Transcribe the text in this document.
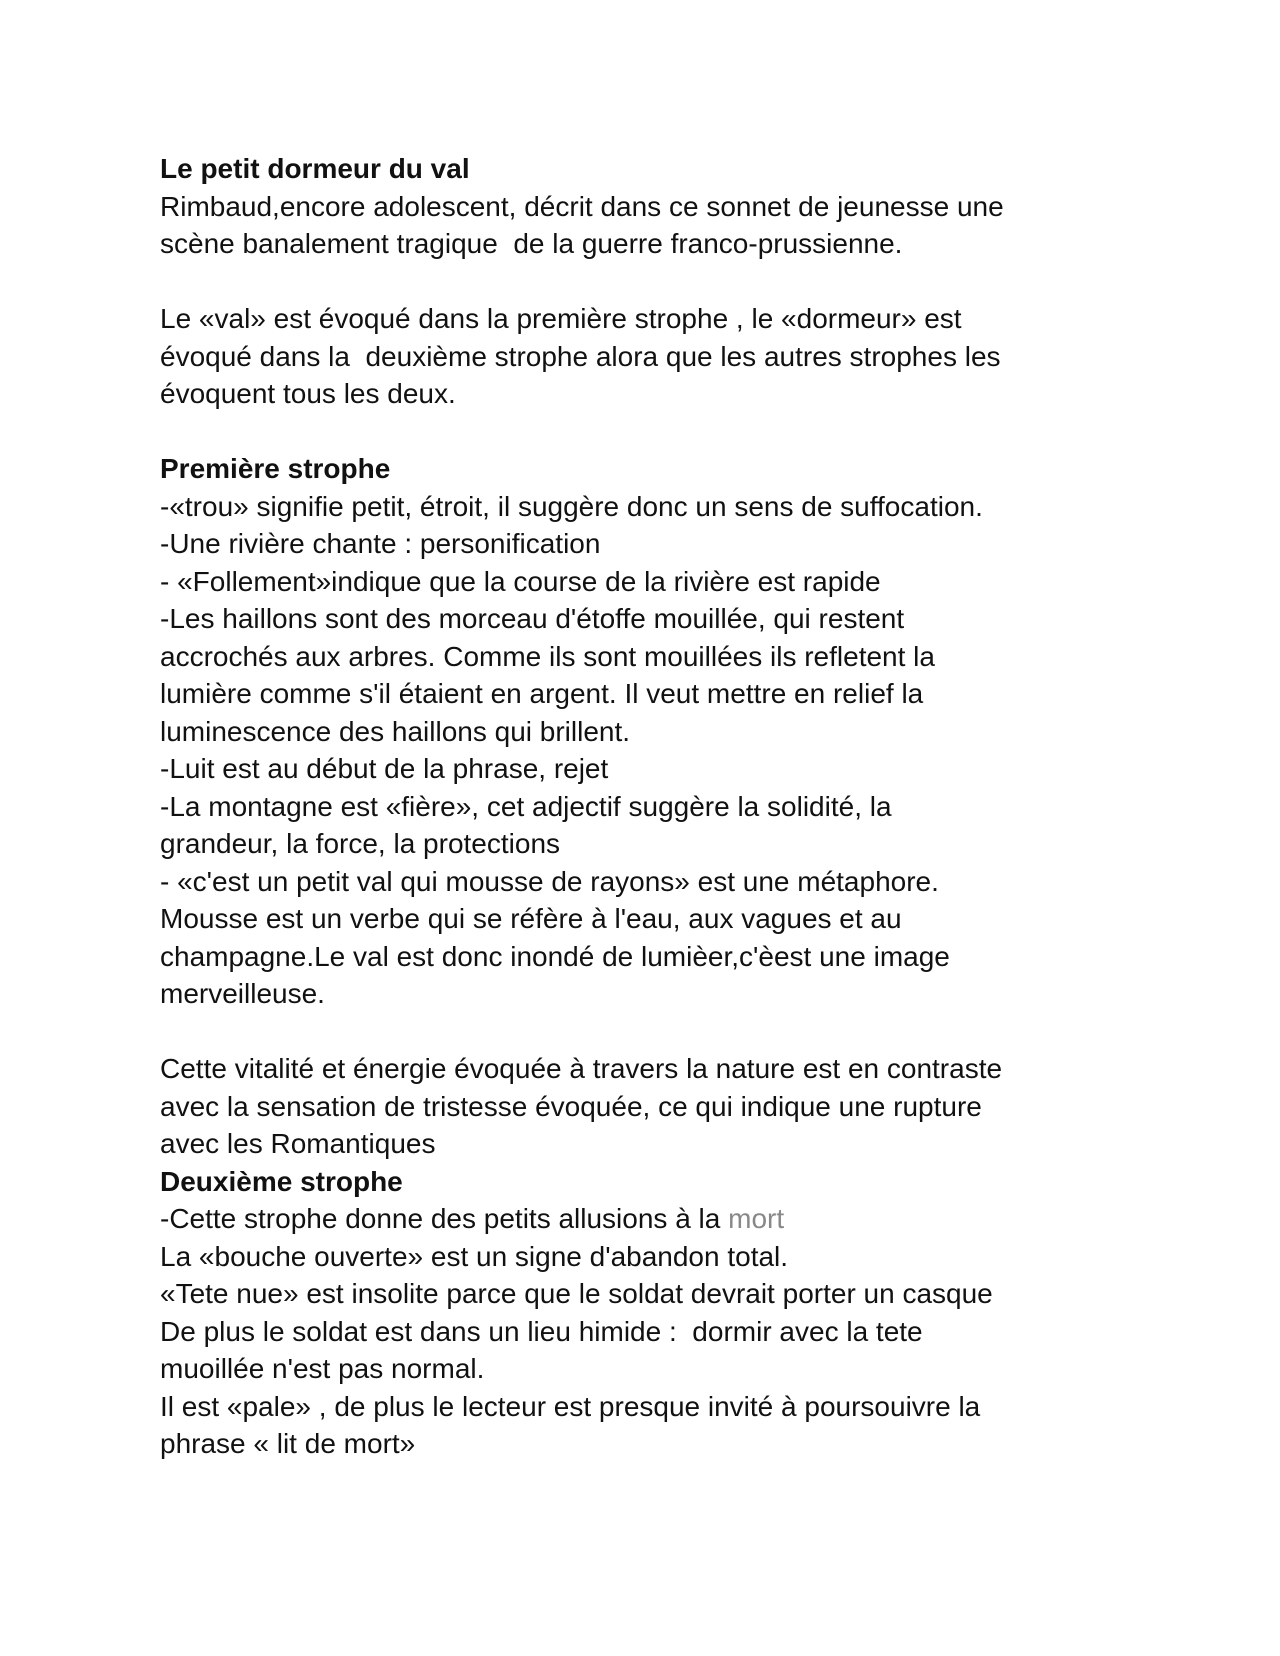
Le petit dormeur du val
Rimbaud,encore adolescent, décrit dans ce sonnet de jeunesse une
scène banalement tragique  de la guerre franco-prussienne.
Le «val» est évoqué dans la première strophe , le «dormeur» est
évoqué dans la  deuxième strophe alora que les autres strophes les
évoquent tous les deux.
Première strophe
-«trou» signifie petit, étroit, il suggère donc un sens de suffocation.
-Une rivière chante : personification
- «Follement»indique que la course de la rivière est rapide
-Les haillons sont des morceau d'étoffe mouillée, qui restent
accrochés aux arbres. Comme ils sont mouillées ils refletent la
lumière comme s'il étaient en argent. Il veut mettre en relief la
luminescence des haillons qui brillent.
-Luit est au début de la phrase, rejet
-La montagne est «fière», cet adjectif suggère la solidité, la
grandeur, la force, la protections
- «c'est un petit val qui mousse de rayons» est une métaphore.
Mousse est un verbe qui se réfère à l'eau, aux vagues et au
champagne.Le val est donc inondé de lumièer,c'èest une image
merveilleuse.
Cette vitalité et énergie évoquée à travers la nature est en contraste
avec la sensation de tristesse évoquée, ce qui indique une rupture
avec les Romantiques
Deuxième strophe
-Cette strophe donne des petits allusions à la mort
La «bouche ouverte» est un signe d'abandon total.
«Tete nue» est insolite parce que le soldat devrait porter un casque
De plus le soldat est dans un lieu himide :  dormir avec la tete
muoillée n'est pas normal.
Il est «pale» , de plus le lecteur est presque invité à poursouivre la
phrase « lit de mort»
